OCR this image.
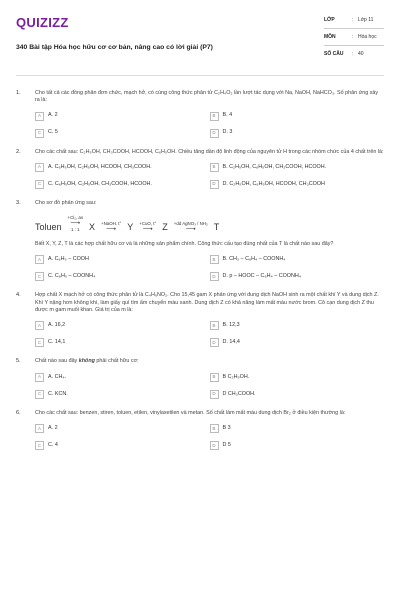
QUIZIZZ
340 Bài tập Hóa học hữu cơ cơ bản, nâng cao có lời giải (P7)
LỚP	: Lớp 11
MÔN	: Hóa học
SỐ CÂU	: 40
1.	Cho tất cả các đồng phân đơn chức, mạch hở, có cùng công thức phân tử C₂H₄O₂ lần lượt tác dụng với Na, NaOH, NaHCO₃. Số phản ứng xảy ra là:
A	A. 2	B	B. 4
C	C. 5	D	D. 3
2.	Cho các chất sau: C₂H₅OH, CH₃COOH, HCOOH, C₆H₅OH. Chiều tăng dần độ linh động của nguyên tử H trong các nhóm chức của 4 chất trên là:
A	A. C₆H₅OH, C₂H₅OH, HCOOH, CH₃COOH.	B	B. C₂H₅OH, C₆H₅OH, CH₃COOH, HCOOH.
C	C. C₆H₅OH, C₂H₅OH, CH₃COOH, HCOOH.	D	D. C₂H₅OH, C₆H₅OH, HCOOH, CH₃COOH
3.	Cho sơ đồ phản ứng sau:
Toluen
+Cl₂, as
⟶
1 : 1 X +NaOH, t°
⟶ Y +CuO, t°
⟶ Z +dd AgNO₃ / NH₃
⟶ T
Biết X, Y, Z, T là các hợp chất hữu cơ và là những sản phẩm chính. Công thức cấu tạo đúng nhất của T là chất nào sau đây?
A	A. C₆H₅ – COOH	B	B. CH₃ – C₆H₄ – COONH₄
C	C. C₆H₅ – COONH₄	D	D. p – HOOC – C₆H₄ – COONH₄
4.	Hợp chất X mạch hở có công thức phân tử là C₄H₉NO₂. Cho 15,45 gam X phản ứng với dung dịch NaOH sinh ra một chất khí Y và dung dịch Z. Khí Y nặng hơn không khí, làm giấy quì tím ẩm chuyển màu xanh. Dung dịch Z có khả năng làm mất màu nước brom. Cô cạn dung dịch Z thu được m gam muối khan. Giá trị của m là:
A	A. 16,2	B	B. 12,3
C	C. 14,1	D	D. 14,4
5.	Chất nào sau đây không phải chất hữu cơ:
A	A. CH₄.	B	B C₂H₅OH.
C	C. KCN.	D	D CH₃COOH.
6.	Cho các chất sau: benzen, stiren, toluen, etilen, vinylaxetilen và metan. Số chất làm mất màu dung dịch Br₂ ở điều kiện thường là:
A	A. 2	B	B 3
C	C. 4	D	D 5
